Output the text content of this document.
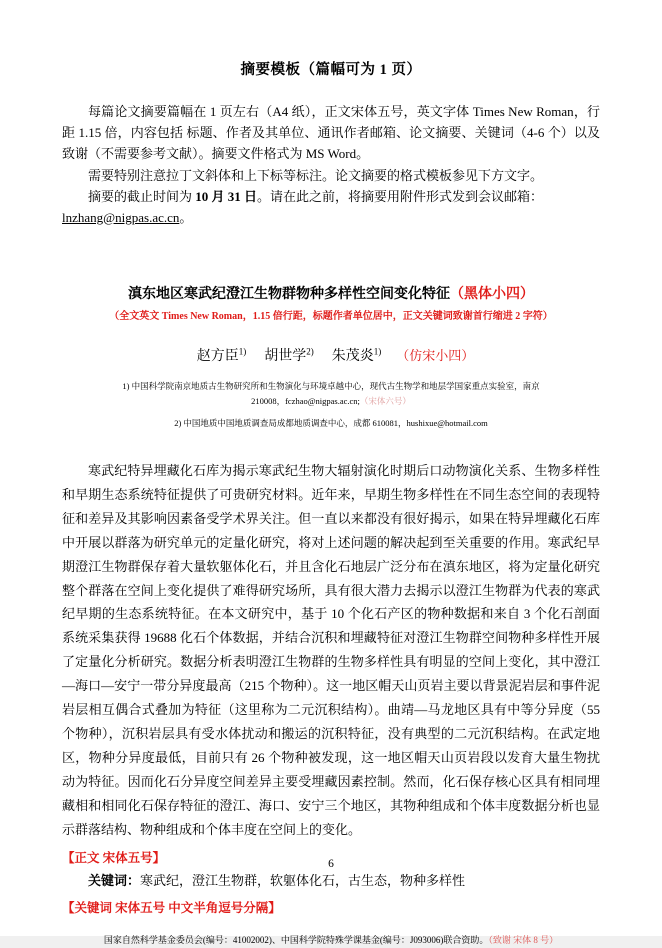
摘要模板（篇幅可为 1 页）

每篇论文摘要篇幅在 1 页左右（A4 纸），正文宋体五号，英文字体 Times New Roman，行距 1.15 倍，内容包括 标题、作者及其单位、通讯作者邮箱、论文摘要、关键词（4-6 个）以及致谢（不需要参考文献）。摘要文件格式为 MS Word。

需要特别注意拉丁文斜体和上下标等标注。论文摘要的格式模板参见下方文字。

摘要的截止时间为 10 月 31 日。请在此之前，将摘要用附件形式发到会议邮箱：

lnzhang@nigpas.ac.cn。

滇东地区寒武纪澄江生物群物种多样性空间变化特征（黑体小四）
（全文英文 Times New Roman，1.15 倍行距，标题作者单位居中，正文关键词致谢首行缩进 2 字符）
赵方臣$^{1)}$ 胡世学$^{2)}$ 朱茂炎$^{1)}$ （仿宋小四）
1) 中国科学院南京地质古生物研究所和生物演化与环境卓越中心，现代古生物学和地层学国家重点实验室，南京
210008，fczhao@nigpas.ac.cn;（宋体六号）
2) 中国地质中国地质调查局成都地质调查中心，成都 610081，hushixue@hotmail.com

寒武纪特异埋藏化石库为揭示寒武纪生物大辐射演化时期后口动物演化关系、生物多样性和早期生态系统特征提供了可贵研究材料。近年来，早期生物多样性在不同生态空间的表现特征和差异及其影响因素备受学术界关注。但一直以来都没有很好揭示，如果在特异埋藏化石库中开展以群落为研究单元的定量化研究，将对上述问题的解决起到至关重要的作用。寒武纪早期澄江生物群保存着大量软躯体化石，并且含化石地层广泛分布在滇东地区，将为定量化研究整个群落在空间上变化提供了难得研究场所，具有很大潜力去揭示以澄江生物群为代表的寒武纪早期的生态系统特征。在本文研究中，基于 10 个化石产区的物种数据和来自 3 个化石剖面系统采集获得 19688 化石个体数据，并结合沉积和埋藏特征对澄江生物群空间物种多样性开展了定量化分析研究。数据分析表明澄江生物群的生物多样性具有明显的空间上变化，其中澄江—海口—安宁一带分异度最高（215 个物种）。这一地区帽天山页岩主要以背景泥岩层和事件泥岩层相互偶合式叠加为特征（这里称为二元沉积结构）。曲靖—马龙地区具有中等分异度（55 个物种），沉积岩层具有受水体扰动和搬运的沉积特征，没有典型的二元沉积结构。在武定地区，物种分异度最低，目前只有 26 个物种被发现，这一地区帽天山页岩段以发育大量生物扰动为特征。因而化石分异度空间差异主要受埋藏因素控制。然而，化石保存核心区具有相同埋藏相和相同化石保存特征的澄江、海口、安宁三个地区，其物种组成和个体丰度数据分析也显示群落结构、物种组成和个体丰度在空间上的变化。

【正文 宋体五号】
关键词：寒武纪，澄江生物群，软躯体化石，古生态，物种多样性
【关键词 宋体五号 中文半角逗号分隔】
国家自然科学基金委员会(编号：41002002)、中国科学院特殊学课基金(编号：J093006)联合资助。（致谢 宋体 8 号）
6
